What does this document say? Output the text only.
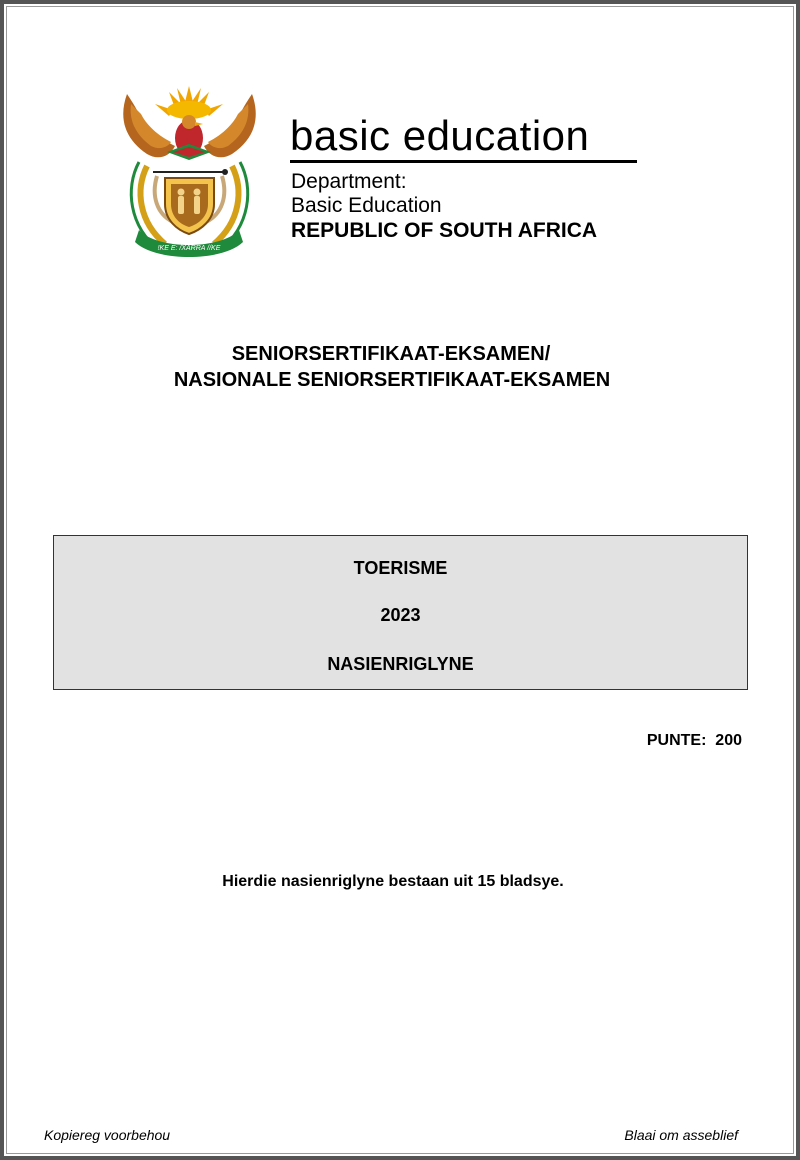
!KE E: /XARRA //KE
basic education
Department:
Basic Education
REPUBLIC OF SOUTH AFRICA
SENIORSERTIFIKAAT-EKSAMEN/
NASIONALE SENIORSERTIFIKAAT-EKSAMEN
TOERISME
2023
NASIENRIGLYNE
PUNTE:  200
Hierdie nasienriglyne bestaan uit 15 bladsye.
Kopiereg voorbehou	Blaai om asseblief
